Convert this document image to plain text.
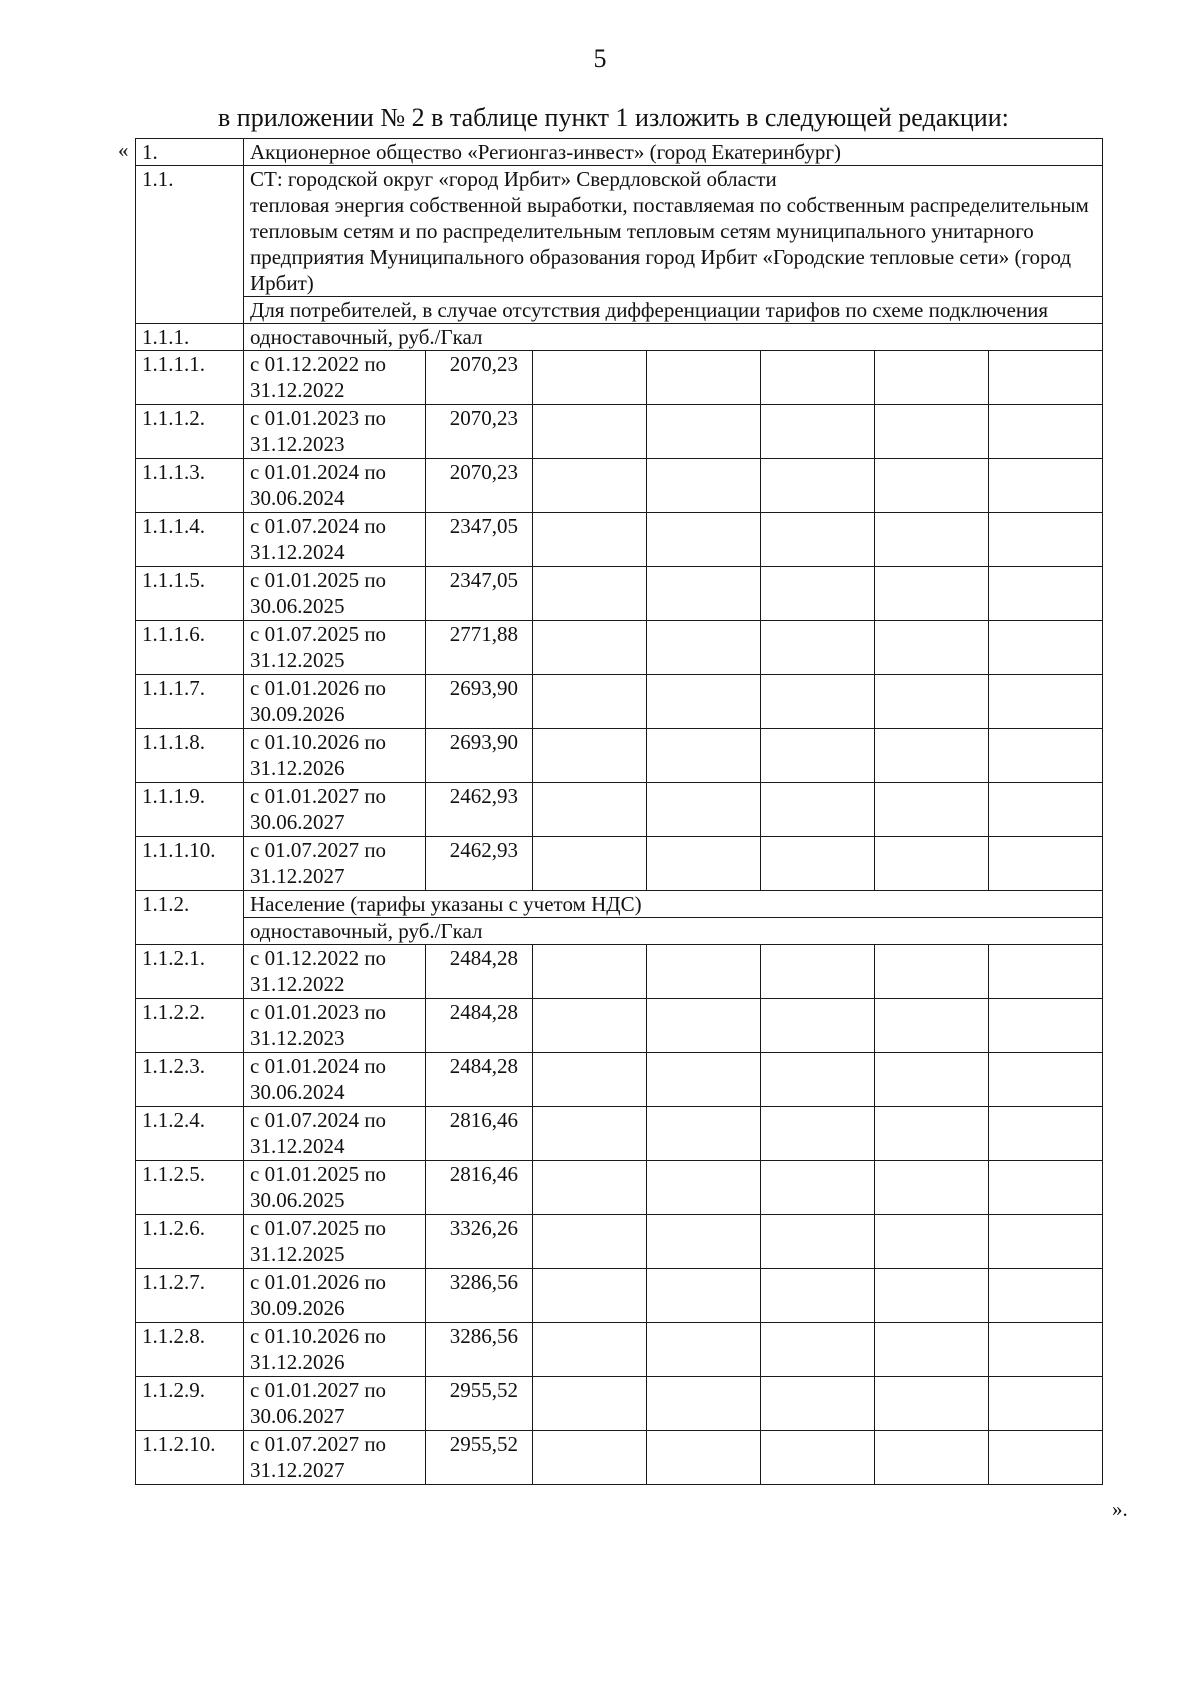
5
в приложении № 2 в таблице пункт 1 изложить в следующей редакции:
« 1.	Акционерное общество «Регионгаз-инвест» (город Екатеринбург)						
1.1.	СТ: городской округ «город Ирбит» Свердловской области
тепловая энергия собственной выработки, поставляемая по собственным распределительным тепловым сетям и по распределительным тепловым сетям муниципального унитарного предприятия Муниципального образования город Ирбит «Городские тепловые сети» (город Ирбит)						
	Для потребителей, в случае отсутствия дифференциации тарифов по схеме подключения						
1.1.1.	одноставочный, руб./Гкал						
1.1.1.1.	с 01.12.2022 по 31.12.2022	2070,23					
1.1.1.2.	с 01.01.2023 по 31.12.2023	2070,23					
1.1.1.3.	с 01.01.2024 по 30.06.2024	2070,23					
1.1.1.4.	с 01.07.2024 по 31.12.2024	2347,05					
1.1.1.5.	с 01.01.2025 по 30.06.2025	2347,05					
1.1.1.6.	с 01.07.2025 по 31.12.2025	2771,88					
1.1.1.7.	с 01.01.2026 по 30.09.2026	2693,90					
1.1.1.8.	с 01.10.2026 по 31.12.2026	2693,90					
1.1.1.9.	с 01.01.2027 по 30.06.2027	2462,93					
1.1.1.10.	с 01.07.2027 по 31.12.2027	2462,93					
1.1.2.	Население (тарифы указаны с учетом НДС)						
	одноставочный, руб./Гкал						
1.1.2.1.	с 01.12.2022 по 31.12.2022	2484,28					
1.1.2.2.	с 01.01.2023 по 31.12.2023	2484,28					
1.1.2.3.	с 01.01.2024 по 30.06.2024	2484,28					
1.1.2.4.	с 01.07.2024 по 31.12.2024	2816,46					
1.1.2.5.	с 01.01.2025 по 30.06.2025	2816,46					
1.1.2.6.	с 01.07.2025 по 31.12.2025	3326,26					
1.1.2.7.	с 01.01.2026 по 30.09.2026	3286,56					
1.1.2.8.	с 01.10.2026 по 31.12.2026	3286,56					
1.1.2.9.	с 01.01.2027 по 30.06.2027	2955,52					
1.1.2.10.	с 01.07.2027 по 31.12.2027	2955,52					
».
